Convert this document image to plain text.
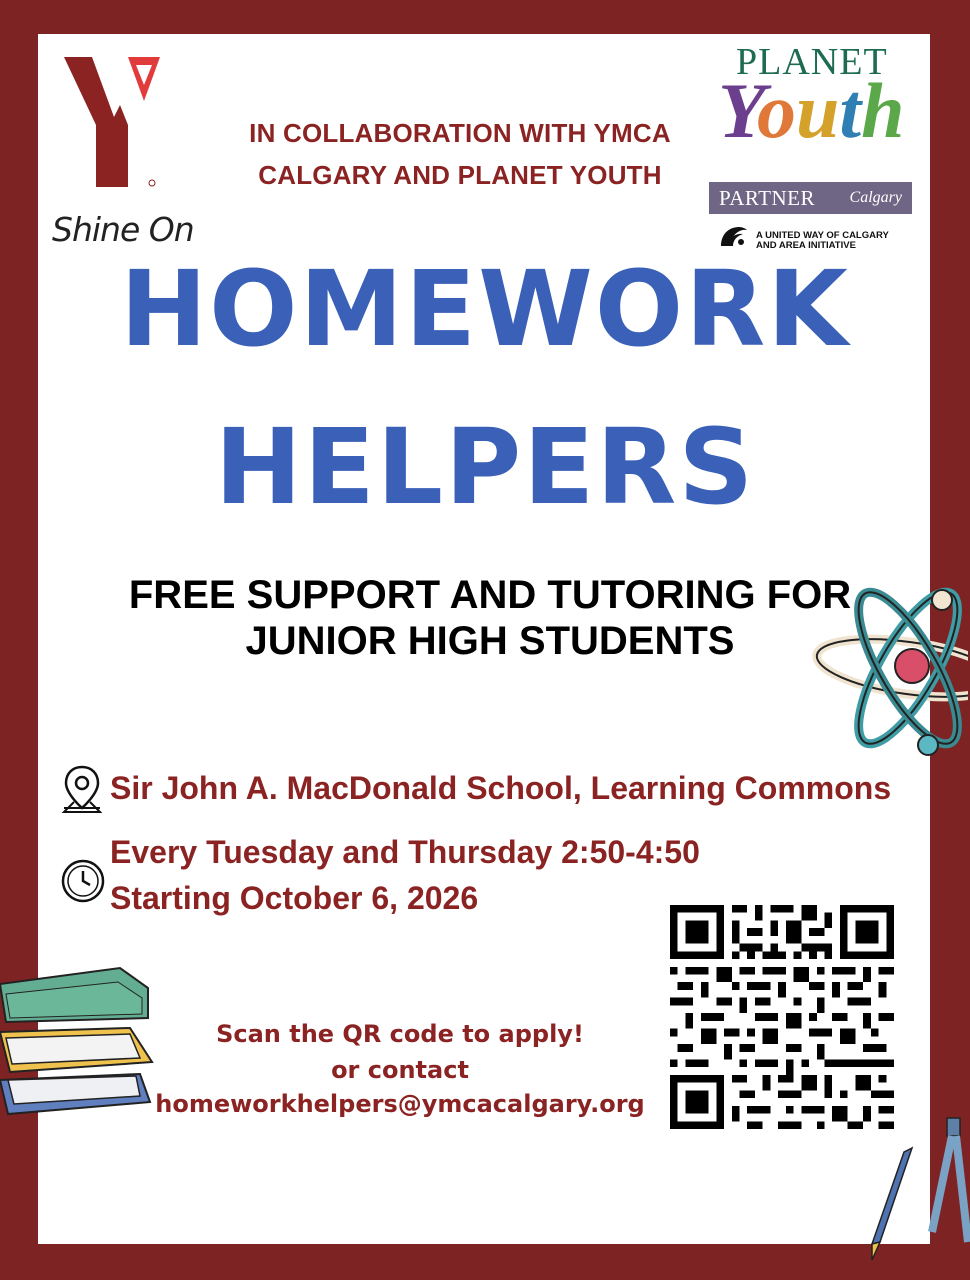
Shine On
IN COLLABORATION WITH YMCA
CALGARY AND PLANET YOUTH
PLANET
Youth
PARTNER Calgary
A UNITED WAY OF CALGARY
AND AREA INITIATIVE
HOMEWORK
HELPERS
FREE SUPPORT AND TUTORING FOR
JUNIOR HIGH STUDENTS
Sir John A. MacDonald School, Learning Commons
Every Tuesday and Thursday 2:50-4:50
Starting October 6, 2026
Scan the QR code to apply!
or contact
homeworkhelpers@ymcacalgary.org
